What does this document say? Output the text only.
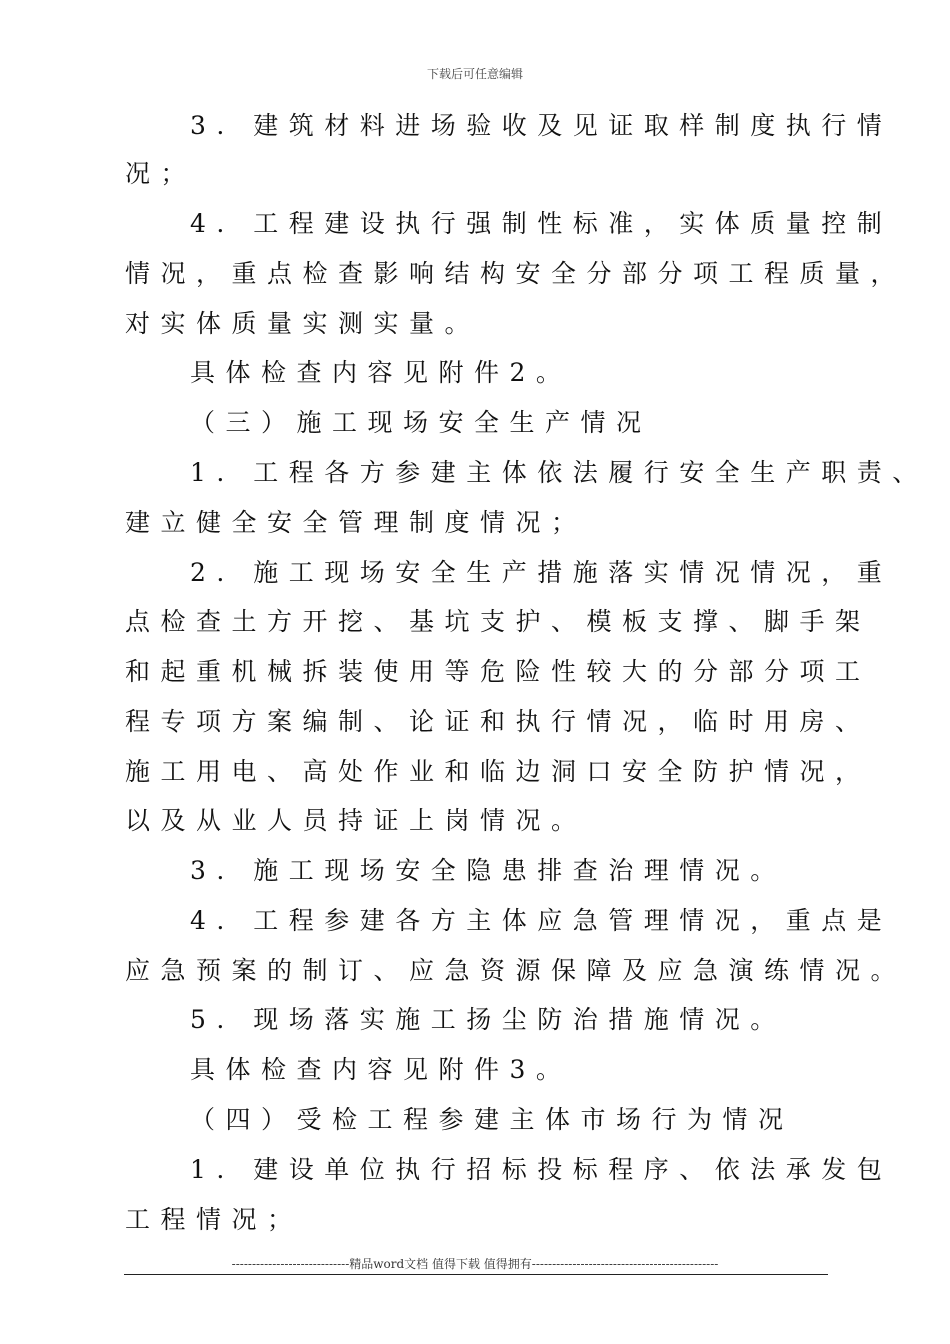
下载后可任意编辑
3. 建筑材料进场验收及见证取样制度执行情
况；
4. 工程建设执行强制性标准，实体质量控制
情况，重点检查影响结构安全分部分项工程质量，
对实体质量实测实量。
具体检查内容见附件2。
（三）施工现场安全生产情况
1. 工程各方参建主体依法履行安全生产职责、
建立健全安全管理制度情况；
2. 施工现场安全生产措施落实情况情况，重
点检查土方开挖、基坑支护、模板支撑、脚手架
和起重机械拆装使用等危险性较大的分部分项工
程专项方案编制、论证和执行情况，临时用房、
施工用电、高处作业和临边洞口安全防护情况，
以及从业人员持证上岗情况。
3. 施工现场安全隐患排查治理情况。
4. 工程参建各方主体应急管理情况，重点是
应急预案的制订、应急资源保障及应急演练情况。
5. 现场落实施工扬尘防治措施情况。
具体检查内容见附件3。
（四）受检工程参建主体市场行为情况
1. 建设单位执行招标投标程序、依法承发包
工程情况；
-----------------------------精品word文档 值得下载 值得拥有----------------------------------------------
